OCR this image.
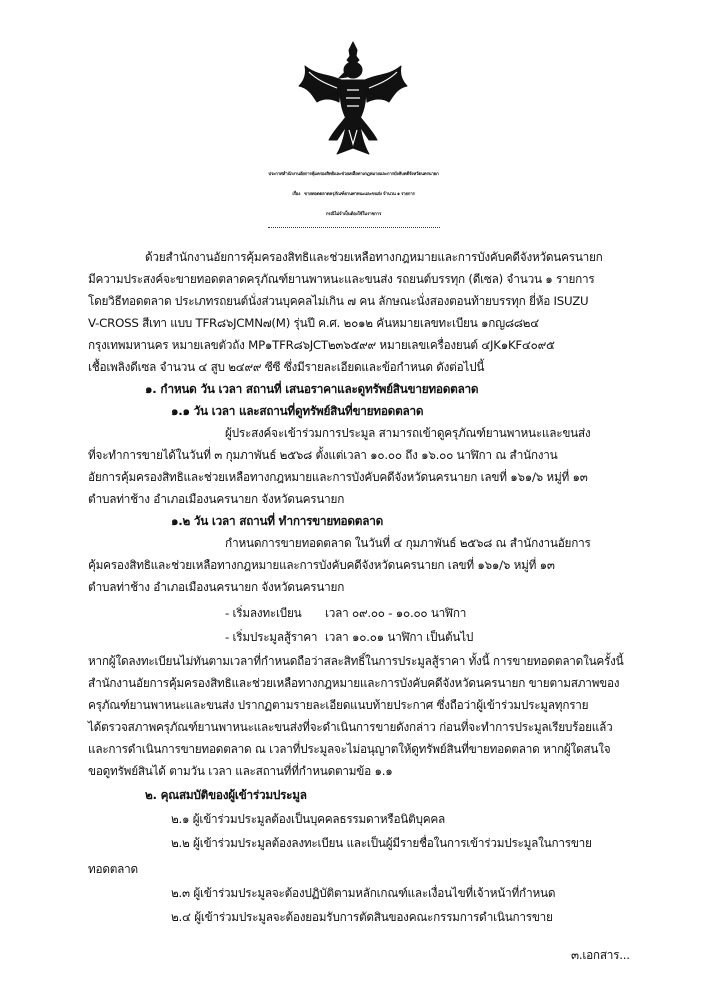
ประกาศสำนักงานอัยการคุ้มครองสิทธิและช่วยเหลือทางกฎหมายและการบังคับคดีจังหวัดนครนายก
เรื่อง ขายทอดตลาดครุภัณฑ์ยานพาหนะและขนส่ง จำนวน ๑ รายการ
กรณีไม่จำเป็นต้องใช้ในราชการ
ด้วยสำนักงานอัยการคุ้มครองสิทธิและช่วยเหลือทางกฎหมายและการบังคับคดีจังหวัดนครนายก
มีความประสงค์จะขายทอดตลาดครุภัณฑ์ยานพาหนะและขนส่ง รถยนต์บรรทุก (ดีเซล) จำนวน ๑ รายการ
โดยวิธีทอดตลาด ประเภทรถยนต์นั่งส่วนบุคคลไม่เกิน ๗ คน ลักษณะนั่งสองตอนท้ายบรรทุก ยี่ห้อ ISUZU
V-CROSS สีเทา แบบ TFR๘๖JCMN๗(M) รุ่นปี ค.ศ. ๒๐๑๒ คันหมายเลขทะเบียน ๑กญ๘๘๒๔
กรุงเทพมหานคร หมายเลขตัวถัง MP๑TFR๘๖JCT๒๓๖๕๙๙ หมายเลขเครื่องยนต์ ๔JK๑KF๔๐๙๕
เชื้อเพลิงดีเซล จำนวน ๔ สูบ ๒๔๙๙ ซีซี ซึ่งมีรายละเอียดและข้อกำหนด ดังต่อไปนี้
๑. กำหนด วัน เวลา สถานที่ เสนอราคาและดูทรัพย์สินขายทอดตลาด
๑.๑ วัน เวลา และสถานที่ดูทรัพย์สินที่ขายทอดตลาด
ผู้ประสงค์จะเข้าร่วมการประมูล สามารถเข้าดูครุภัณฑ์ยานพาหนะและขนส่ง
ที่จะทำการขายได้ในวันที่ ๓ กุมภาพันธ์ ๒๕๖๘ ตั้งแต่เวลา ๑๐.๐๐ ถึง ๑๖.๐๐ นาฬิกา ณ สำนักงาน
อัยการคุ้มครองสิทธิและช่วยเหลือทางกฎหมายและการบังคับคดีจังหวัดนครนายก เลขที่ ๑๖๑/๖ หมู่ที่ ๑๓
ตำบลท่าช้าง อำเภอเมืองนครนายก จังหวัดนครนายก
๑.๒ วัน เวลา สถานที่ ทำการขายทอดตลาด
กำหนดการขายทอดตลาด ในวันที่ ๔ กุมภาพันธ์ ๒๕๖๘ ณ สำนักงานอัยการ
คุ้มครองสิทธิและช่วยเหลือทางกฎหมายและการบังคับคดีจังหวัดนครนายก เลขที่ ๑๖๑/๖ หมู่ที่ ๑๓
ตำบลท่าช้าง อำเภอเมืองนครนายก จังหวัดนครนายก
- เริ่มลงทะเบียน เวลา ๐๙.๐๐ - ๑๐.๐๐ นาฬิกา
- เริ่มประมูลสู้ราคา เวลา ๑๐.๐๑ นาฬิกา เป็นต้นไป
หากผู้ใดลงทะเบียนไม่ทันตามเวลาที่กำหนดถือว่าสละสิทธิ์ในการประมูลสู้ราคา ทั้งนี้ การขายทอดตลาดในครั้งนี้
สำนักงานอัยการคุ้มครองสิทธิและช่วยเหลือทางกฎหมายและการบังคับคดีจังหวัดนครนายก ขายตามสภาพของ
ครุภัณฑ์ยานพาหนะและขนส่ง ปรากฏตามรายละเอียดแนบท้ายประกาศ ซึ่งถือว่าผู้เข้าร่วมประมูลทุกราย
ได้ตรวจสภาพครุภัณฑ์ยานพาหนะและขนส่งที่จะดำเนินการขายดังกล่าว ก่อนที่จะทำการประมูลเรียบร้อยแล้ว
และการดำเนินการขายทอดตลาด ณ เวลาที่ประมูลจะไม่อนุญาตให้ดูทรัพย์สินที่ขายทอดตลาด หากผู้ใดสนใจ
ขอดูทรัพย์สินได้ ตามวัน เวลา และสถานที่ที่กำหนดตามข้อ ๑.๑
๒. คุณสมบัติของผู้เข้าร่วมประมูล
๒.๑ ผู้เข้าร่วมประมูลต้องเป็นบุคคลธรรมดาหรือนิติบุคคล
๒.๒ ผู้เข้าร่วมประมูลต้องลงทะเบียน และเป็นผู้มีรายชื่อในการเข้าร่วมประมูลในการขาย
ทอดตลาด
๒.๓ ผู้เข้าร่วมประมูลจะต้องปฏิบัติตามหลักเกณฑ์และเงื่อนไขที่เจ้าหน้าที่กำหนด
๒.๔ ผู้เข้าร่วมประมูลจะต้องยอมรับการตัดสินของคณะกรรมการดำเนินการขาย
๓.เอกสาร...
